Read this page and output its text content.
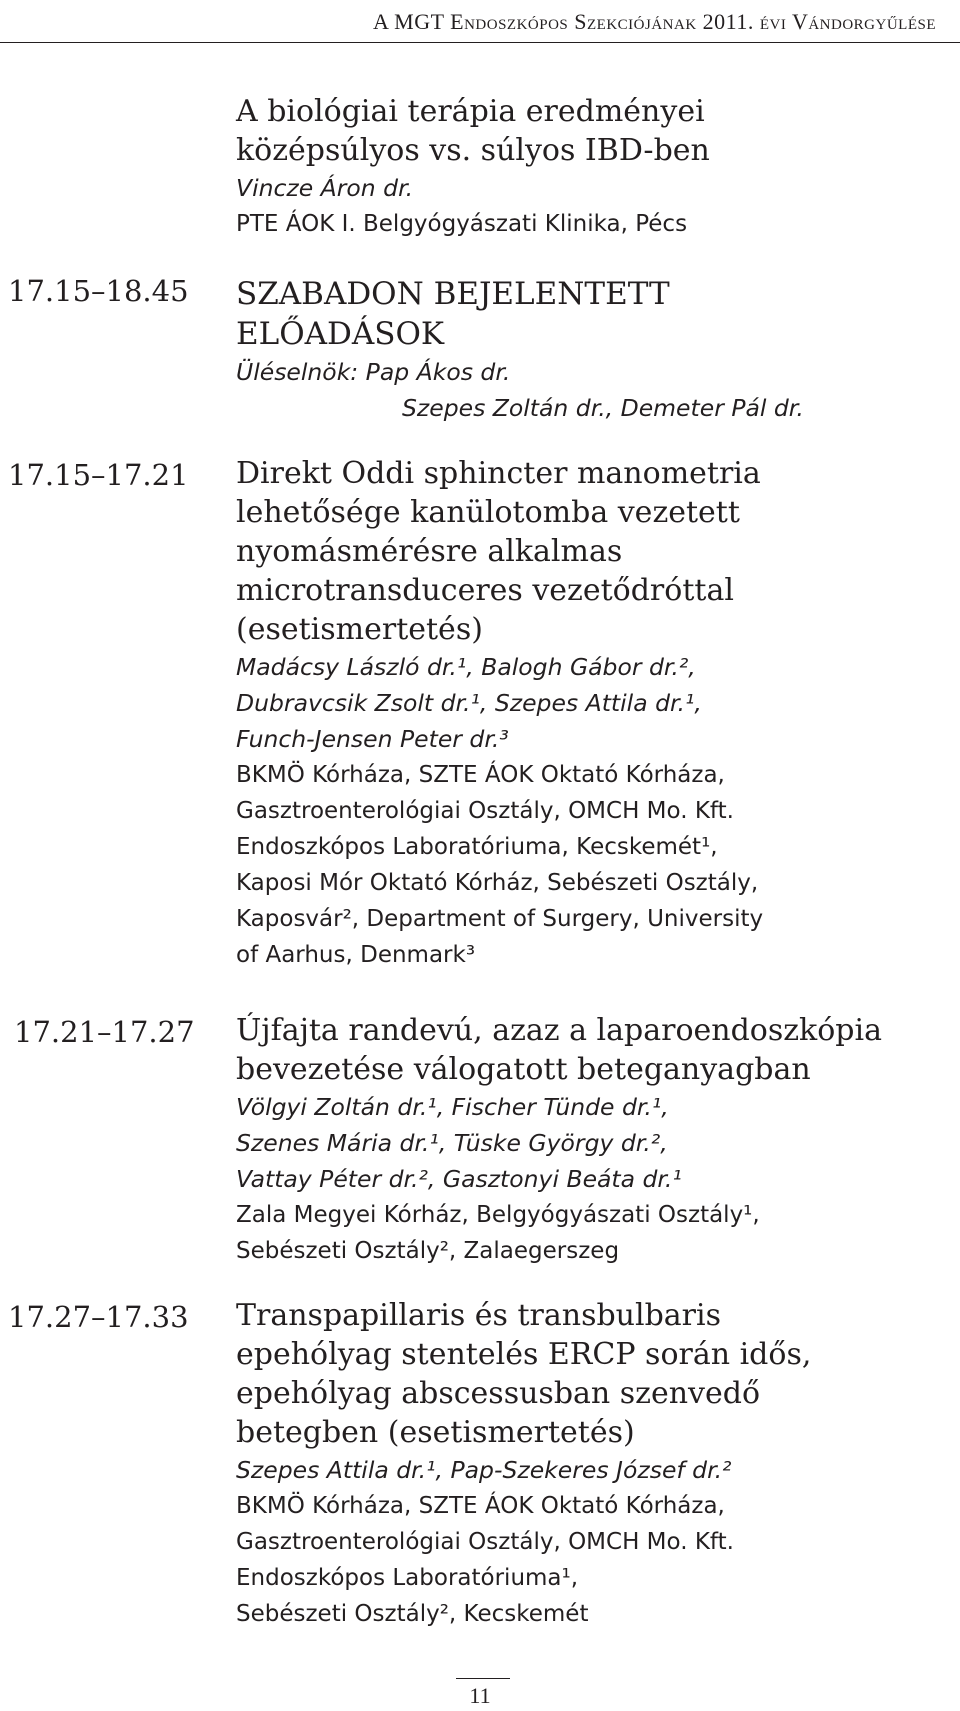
A MGT Endoszkópos Szekciójának 2011. évi Vándorgyűlése
A biológiai terápia eredményei
középsúlyos vs. súlyos IBD-ben
Vincze Áron dr.
PTE ÁOK I. Belgyógyászati Klinika, Pécs
17.15–18.45 SZABADON BEJELENTETT
ELŐADÁSOK
Üléselnök: Pap Ákos dr.
Szepes Zoltán dr., Demeter Pál dr.
17.15–17.21 Direkt Oddi sphincter manometria
lehetősége kanülotomba vezetett
nyomásmérésre alkalmas
microtransduceres vezetődróttal
(esetismertetés)
Madácsy László dr.¹, Balogh Gábor dr.²,
Dubravcsik Zsolt dr.¹, Szepes Attila dr.¹,
Funch-Jensen Peter dr.³
BKMÖ Kórháza, SZTE ÁOK Oktató Kórháza,
Gasztroenterológiai Osztály, OMCH Mo. Kft.
Endoszkópos Laboratóriuma, Kecskemét¹,
Kaposi Mór Oktató Kórház, Sebészeti Osztály,
Kaposvár², Department of Surgery, University
of Aarhus, Denmark³
17.21–17.27 Újfajta randevú, azaz a laparoendoszkópia
bevezetése válogatott beteganyagban
Völgyi Zoltán dr.¹, Fischer Tünde dr.¹,
Szenes Mária dr.¹, Tüske György dr.²,
Vattay Péter dr.², Gasztonyi Beáta dr.¹
Zala Megyei Kórház, Belgyógyászati Osztály¹,
Sebészeti Osztály², Zalaegerszeg
17.27–17.33 Transpapillaris és transbulbaris
epehólyag stentelés ERCP során idős,
epehólyag abscessusban szenvedő
betegben (esetismertetés)
Szepes Attila dr.¹, Pap-Szekeres József dr.²
BKMÖ Kórháza, SZTE ÁOK Oktató Kórháza,
Gasztroenterológiai Osztály, OMCH Mo. Kft.
Endoszkópos Laboratóriuma¹,
Sebészeti Osztály², Kecskemét
11
